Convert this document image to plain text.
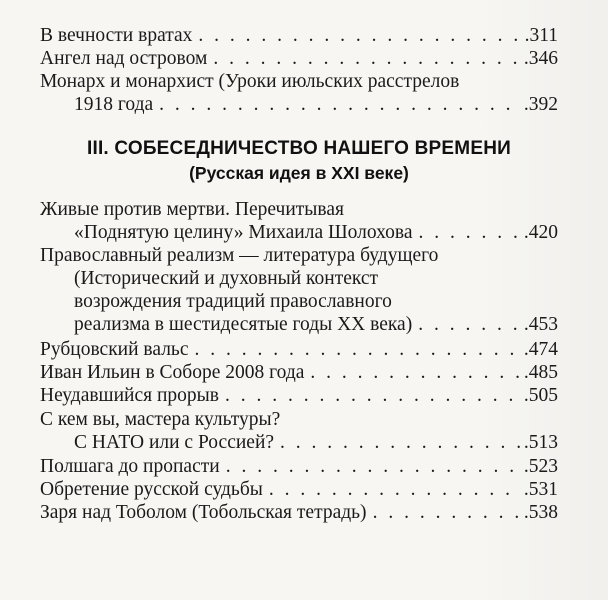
В вечности вратах . . .	.311
Ангел над островом . . .	.346
Монарх и монархист (Уроки июльских расстрелов
1918 года . . .	.392
III. СОБЕСЕДНИЧЕСТВО НАШЕГО ВРЕМЕНИ
(Русская идея в XXI веке)
Живые против мертви. Перечитывая
«Поднятую целину» Михаила Шолохова . . .	.420
Православный реализм — литература будущего
(Исторический и духовный контекст
возрождения традиций православного
реализма в шестидесятые годы XX века) . . .	.453
Рубцовский вальс . . .	.474
Иван Ильин в Соборе 2008 года . . .	.485
Неудавшийся прорыв . . .	.505
С кем вы, мастера культуры?
С НАТО или с Россией? . . .	.513
Полшага до пропасти . . .	.523
Обретение русской судьбы . . .	.531
Заря над Тоболом (Тобольская тетрадь) . . .	.538
